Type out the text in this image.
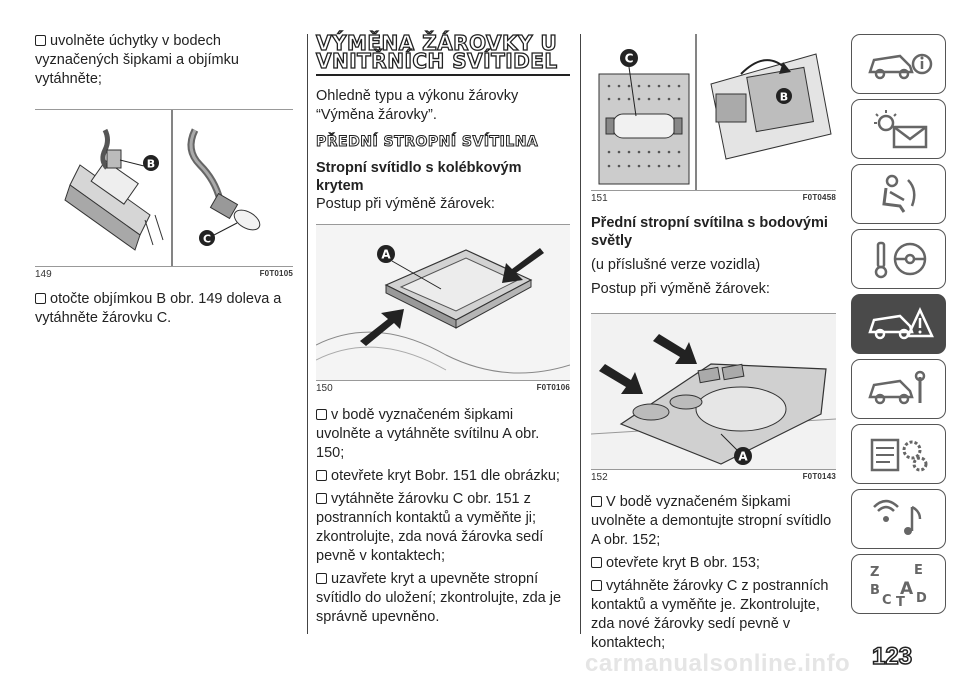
uvolněte úchytky v bodech vyznačených šipkami a objímku vytáhněte;

B
C
149	F0T0105

otočte objímkou B obr. 149 doleva a vytáhněte žárovku C.

VÝMĚNA ŽÁROVKY U VNITŘNÍCH SVÍTIDEL

Ohledně typu a výkonu žárovky “Výměna žárovky”.

PŘEDNÍ STROPNÍ SVÍTILNA
Stropní svítidlo s kolébkovým krytem

Postup při výměně žárovek:

A
150	F0T0106

v bodě vyznačeném šipkami uvolněte a vytáhněte svítilnu A obr. 150;

otevřete kryt Bobr. 151 dle obrázku;

vytáhněte žárovku C obr. 151 z postranních kontaktů a vyměňte ji; zkontrolujte, zda nová žárovka sedí pevně v kontaktech;

uzavřete kryt a upevněte stropní svítidlo do uložení; zkontrolujte, zda je správně upevněno.

C
B
151	F0T0458
Přední stropní svítilna s bodovými světly

(u příslušné verze vozidla)

Postup při výměně žárovek:

A
152	F0T0143

V bodě vyznačeném šipkami uvolněte a demontujte stropní svítidlo A obr. 152;

otevřete kryt B obr. 153;

vytáhněte žárovky C z postranních kontaktů a vyměňte je. Zkontrolujte, zda nové žárovky sedí pevně v kontaktech;

Z	E
B A
C T D
carmanualsonline.info 123
